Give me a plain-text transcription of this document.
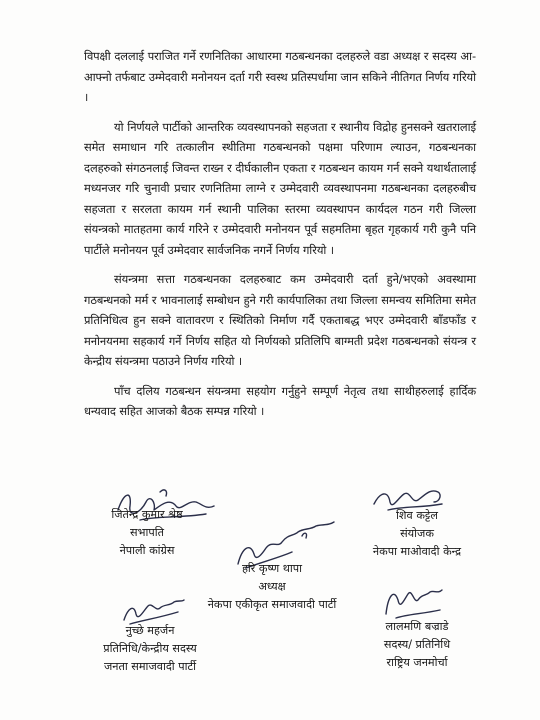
विपक्षी दललाई पराजित गर्ने रणनितिका आधारमा गठबन्धनका दलहरुले वडा अध्यक्ष र सदस्य आ-आफ्नो तर्फबाट उम्मेदवारी मनोनयन दर्ता गरी स्वस्थ प्रतिस्पर्धामा जान सकिने नीतिगत निर्णय गरियो ।

यो निर्णयले पार्टीको आन्तरिक व्यवस्थापनको सहजता र स्थानीय विद्रोह हुनसक्ने खतरालाई समेत समाधान गरि तत्कालीन स्थीतिमा गठबन्धनको पक्षमा परिणाम ल्याउन, गठबन्धनका दलहरुको संगठनलाई जिवन्त राख्न र दीर्घकालीन एकता र गठबन्धन कायम गर्न सक्ने यथार्थतालाई मध्यनजर गरि चुनावी प्रचार रणनितिमा लाग्ने र उम्मेदवारी व्यवस्थापनमा गठबन्धनका दलहरुबीच सहजता र सरलता कायम गर्न स्थानी पालिका स्तरमा व्यवस्थापन कार्यदल गठन गरी जिल्ला संयन्त्रको मातहतमा कार्य गरिने र उम्मेदवारी मनोनयन पूर्व सहमतिमा बृहत गृहकार्य गरी कुनै पनि पार्टीले मनोनयन पूर्व उम्मेदवार सार्वजनिक नगर्ने निर्णय गरियो ।

संयन्त्रमा सत्ता गठबन्धनका दलहरुबाट कम उम्मेदवारी दर्ता हुने/भएको अवस्थामा गठबन्धनको मर्म र भावनालाई सम्बोधन हुने गरी कार्यपालिका तथा जिल्ला समन्वय समितिमा समेत प्रतिनिधित्व हुन सक्ने वातावरण र स्थितिको निर्माण गर्दै एकताबद्ध भएर उम्मेदवारी बाँडफाँड र मनोनयनमा सहकार्य गर्ने निर्णय सहित यो निर्णयको प्रतिलिपि बाग्मती प्रदेश गठबन्धनको संयन्त्र र केन्द्रीय संयन्त्रमा पठाउने निर्णय गरियो ।

पाँच दलिय गठबन्धन संयन्त्रमा सहयोग गर्नुहुने सम्पूर्ण नेतृत्व तथा साथीहरुलाई हार्दिक धन्यवाद सहित आजको बैठक सम्पन्न गरियो ।

जितेन्द्र कुमार श्रेष्ठ
सभापति
नेपाली कांग्रेस
शिव कट्टेल
संयोजक
नेकपा माओवादी केन्द्र
हरि कृष्ण थापा
अध्यक्ष
नेकपा एकीकृत समाजवादी पार्टी
नुच्छे महर्जन
प्रतिनिधि/केन्द्रीय सदस्य
जनता समाजवादी पार्टी
लालमणि बज्राडे
सदस्य/ प्रतिनिधि
राष्ट्रिय जनमोर्चा
